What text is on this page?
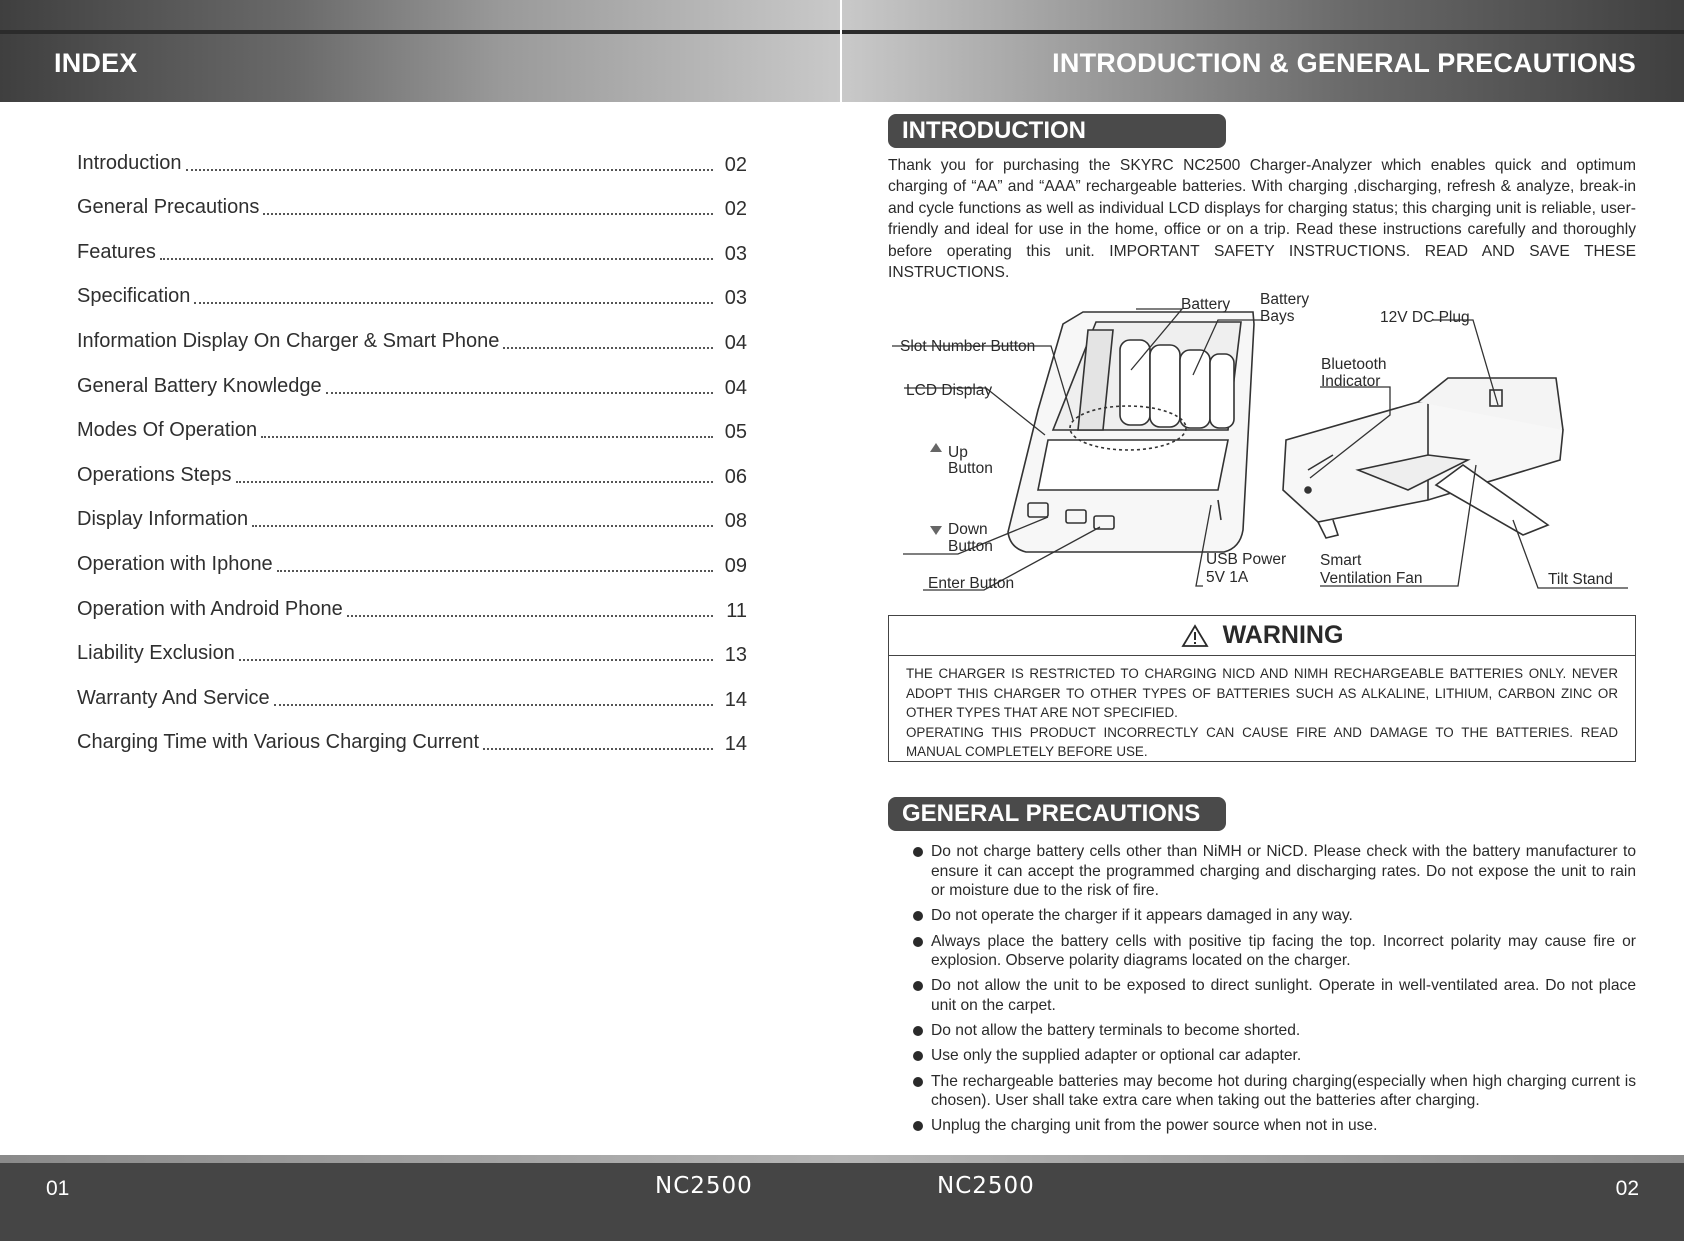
INDEX	INTRODUCTION & GENERAL PRECAUTIONS
Introduction	02
General Precautions	02
Features	03
Specification	03
Information Display On Charger & Smart Phone	04
General Battery Knowledge	04
Modes Of Operation	05
Operations Steps	06
Display Information	08
Operation with Iphone	09
Operation with Android Phone	11
Liability Exclusion	13
Warranty And Service	14
Charging Time with Various Charging Current	14
INTRODUCTION
Thank you for purchasing the SKYRC NC2500 Charger-Analyzer which enables quick and optimum charging of “AA” and “AAA” rechargeable batteries. With charging ,discharging, refresh & analyze, break-in and cycle functions as well as individual LCD displays for charging status; this charging unit is reliable, user-friendly and ideal for use in the home, office or on a trip. Read these instructions carefully and thoroughly before operating this unit. IMPORTANT SAFETY INSTRUCTIONS. READ AND SAVE THESE INSTRUCTIONS.
Battery Battery
Bays	12V DC Plug
Slot Number Button
Bluetooth
Indicator
LCD Display
Up
Button
Down
Button
Enter Button
USB Power
5V 1A
Smart
Ventilation Fan	Tilt Stand
WARNING
THE CHARGER IS RESTRICTED TO CHARGING NICD AND NIMH RECHARGEABLE BATTERIES ONLY. NEVER ADOPT THIS CHARGER TO OTHER TYPES OF BATTERIES SUCH AS ALKALINE, LITHIUM, CARBON ZINC OR OTHER TYPES THAT ARE NOT SPECIFIED.
OPERATING THIS PRODUCT INCORRECTLY CAN CAUSE FIRE AND DAMAGE TO THE BATTERIES. READ MANUAL COMPLETELY BEFORE USE.
GENERAL PRECAUTIONS
Do not charge battery cells other than NiMH or NiCD. Please check with the battery manufacturer to ensure it can accept the programmed charging and discharging rates. Do not expose the unit to rain or moisture due to the risk of fire.
Do not operate the charger if it appears damaged in any way.
Always place the battery cells with positive tip facing the top. Incorrect polarity may cause fire or explosion. Observe polarity diagrams located on the charger.
Do not allow the unit to be exposed to direct sunlight. Operate in well-ventilated area. Do not place unit on the carpet.
Do not allow the battery terminals to become shorted.
Use only the supplied adapter or optional car adapter.
The rechargeable batteries may become hot during charging(especially when high charging current is chosen). User shall take extra care when taking out the batteries after charging.
Unplug the charging unit from the power source when not in use.
01	NC2500	NC2500	02
